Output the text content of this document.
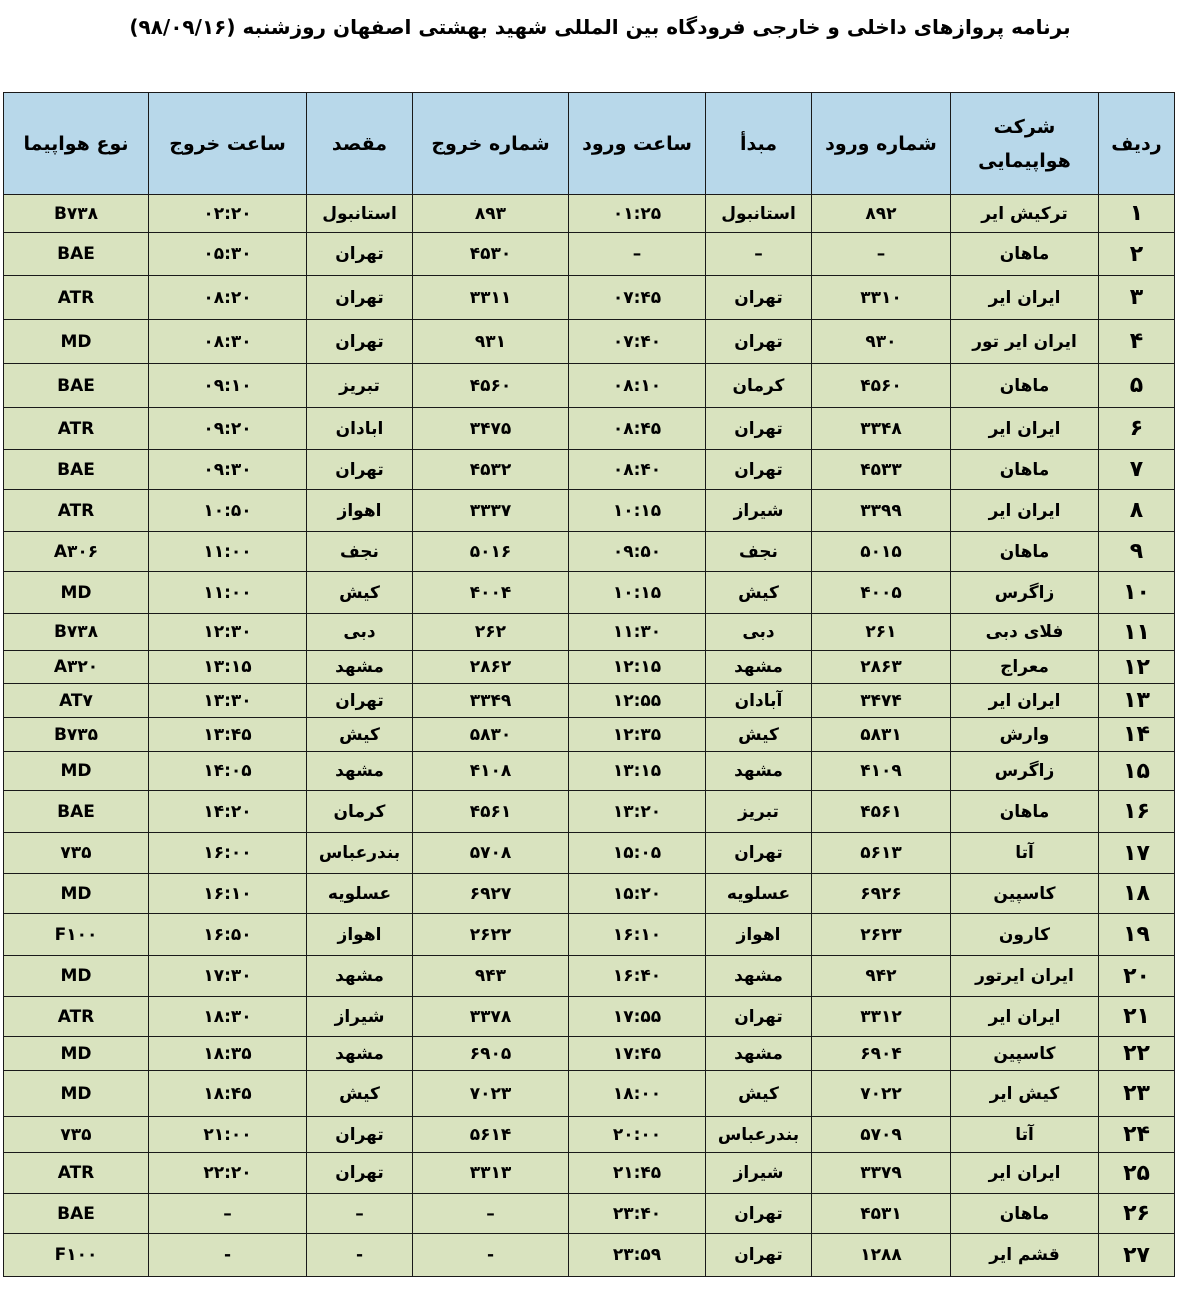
برنامه پروازهای داخلی و خارجی فرودگاه بین المللی شهید بهشتی اصفهان روزشنبه (۹۸/۰۹/۱۶)
ردیف	شرکت هواپیمایی	شماره ورود	مبدأ	ساعت ورود	شماره خروج	مقصد	ساعت خروج	نوع هواپیما
۱	ترکیش ایر	۸۹۲	استانبول	۰۱:۲۵	۸۹۳	استانبول	۰۲:۲۰	B۷۳۸
۲	ماهان	–	–	–	۴۵۳۰	تهران	۰۵:۳۰	BAE
۳	ایران ایر	۳۳۱۰	تهران	۰۷:۴۵	۳۳۱۱	تهران	۰۸:۲۰	ATR
۴	ایران ایر تور	۹۳۰	تهران	۰۷:۴۰	۹۳۱	تهران	۰۸:۳۰	MD
۵	ماهان	۴۵۶۰	کرمان	۰۸:۱۰	۴۵۶۰	تبریز	۰۹:۱۰	BAE
۶	ایران ایر	۳۳۴۸	تهران	۰۸:۴۵	۳۴۷۵	ابادان	۰۹:۲۰	ATR
۷	ماهان	۴۵۳۳	تهران	۰۸:۴۰	۴۵۳۲	تهران	۰۹:۳۰	BAE
۸	ایران ایر	۳۳۹۹	شیراز	۱۰:۱۵	۳۳۳۷	اهواز	۱۰:۵۰	ATR
۹	ماهان	۵۰۱۵	نجف	۰۹:۵۰	۵۰۱۶	نجف	۱۱:۰۰	A۳۰۶
۱۰	زاگرس	۴۰۰۵	کیش	۱۰:۱۵	۴۰۰۴	کیش	۱۱:۰۰	MD
۱۱	فلای دبی	۲۶۱	دبی	۱۱:۳۰	۲۶۲	دبی	۱۲:۳۰	B۷۳۸
۱۲	معراج	۲۸۶۳	مشهد	۱۲:۱۵	۲۸۶۲	مشهد	۱۳:۱۵	A۳۲۰
۱۳	ایران ایر	۳۴۷۴	آبادان	۱۲:۵۵	۳۳۴۹	تهران	۱۳:۳۰	AT۷
۱۴	وارش	۵۸۳۱	کیش	۱۲:۳۵	۵۸۳۰	کیش	۱۳:۴۵	B۷۳۵
۱۵	زاگرس	۴۱۰۹	مشهد	۱۳:۱۵	۴۱۰۸	مشهد	۱۴:۰۵	MD
۱۶	ماهان	۴۵۶۱	تبریز	۱۳:۲۰	۴۵۶۱	کرمان	۱۴:۲۰	BAE
۱۷	آتا	۵۶۱۳	تهران	۱۵:۰۵	۵۷۰۸	بندرعباس	۱۶:۰۰	۷۳۵
۱۸	کاسپین	۶۹۲۶	عسلویه	۱۵:۲۰	۶۹۲۷	عسلویه	۱۶:۱۰	MD
۱۹	کارون	۲۶۲۳	اهواز	۱۶:۱۰	۲۶۲۲	اهواز	۱۶:۵۰	F۱۰۰
۲۰	ایران ایرتور	۹۴۲	مشهد	۱۶:۴۰	۹۴۳	مشهد	۱۷:۳۰	MD
۲۱	ایران ایر	۳۳۱۲	تهران	۱۷:۵۵	۳۳۷۸	شیراز	۱۸:۳۰	ATR
۲۲	کاسپین	۶۹۰۴	مشهد	۱۷:۴۵	۶۹۰۵	مشهد	۱۸:۳۵	MD
۲۳	کیش ایر	۷۰۲۲	کیش	۱۸:۰۰	۷۰۲۳	کیش	۱۸:۴۵	MD
۲۴	آتا	۵۷۰۹	بندرعباس	۲۰:۰۰	۵۶۱۴	تهران	۲۱:۰۰	۷۳۵
۲۵	ایران ایر	۳۳۷۹	شیراز	۲۱:۴۵	۳۳۱۳	تهران	۲۲:۲۰	ATR
۲۶	ماهان	۴۵۳۱	تهران	۲۳:۴۰	–	–	–	BAE
۲۷	قشم ایر	۱۲۸۸	تهران	۲۳:۵۹	-	-	-	F۱۰۰
